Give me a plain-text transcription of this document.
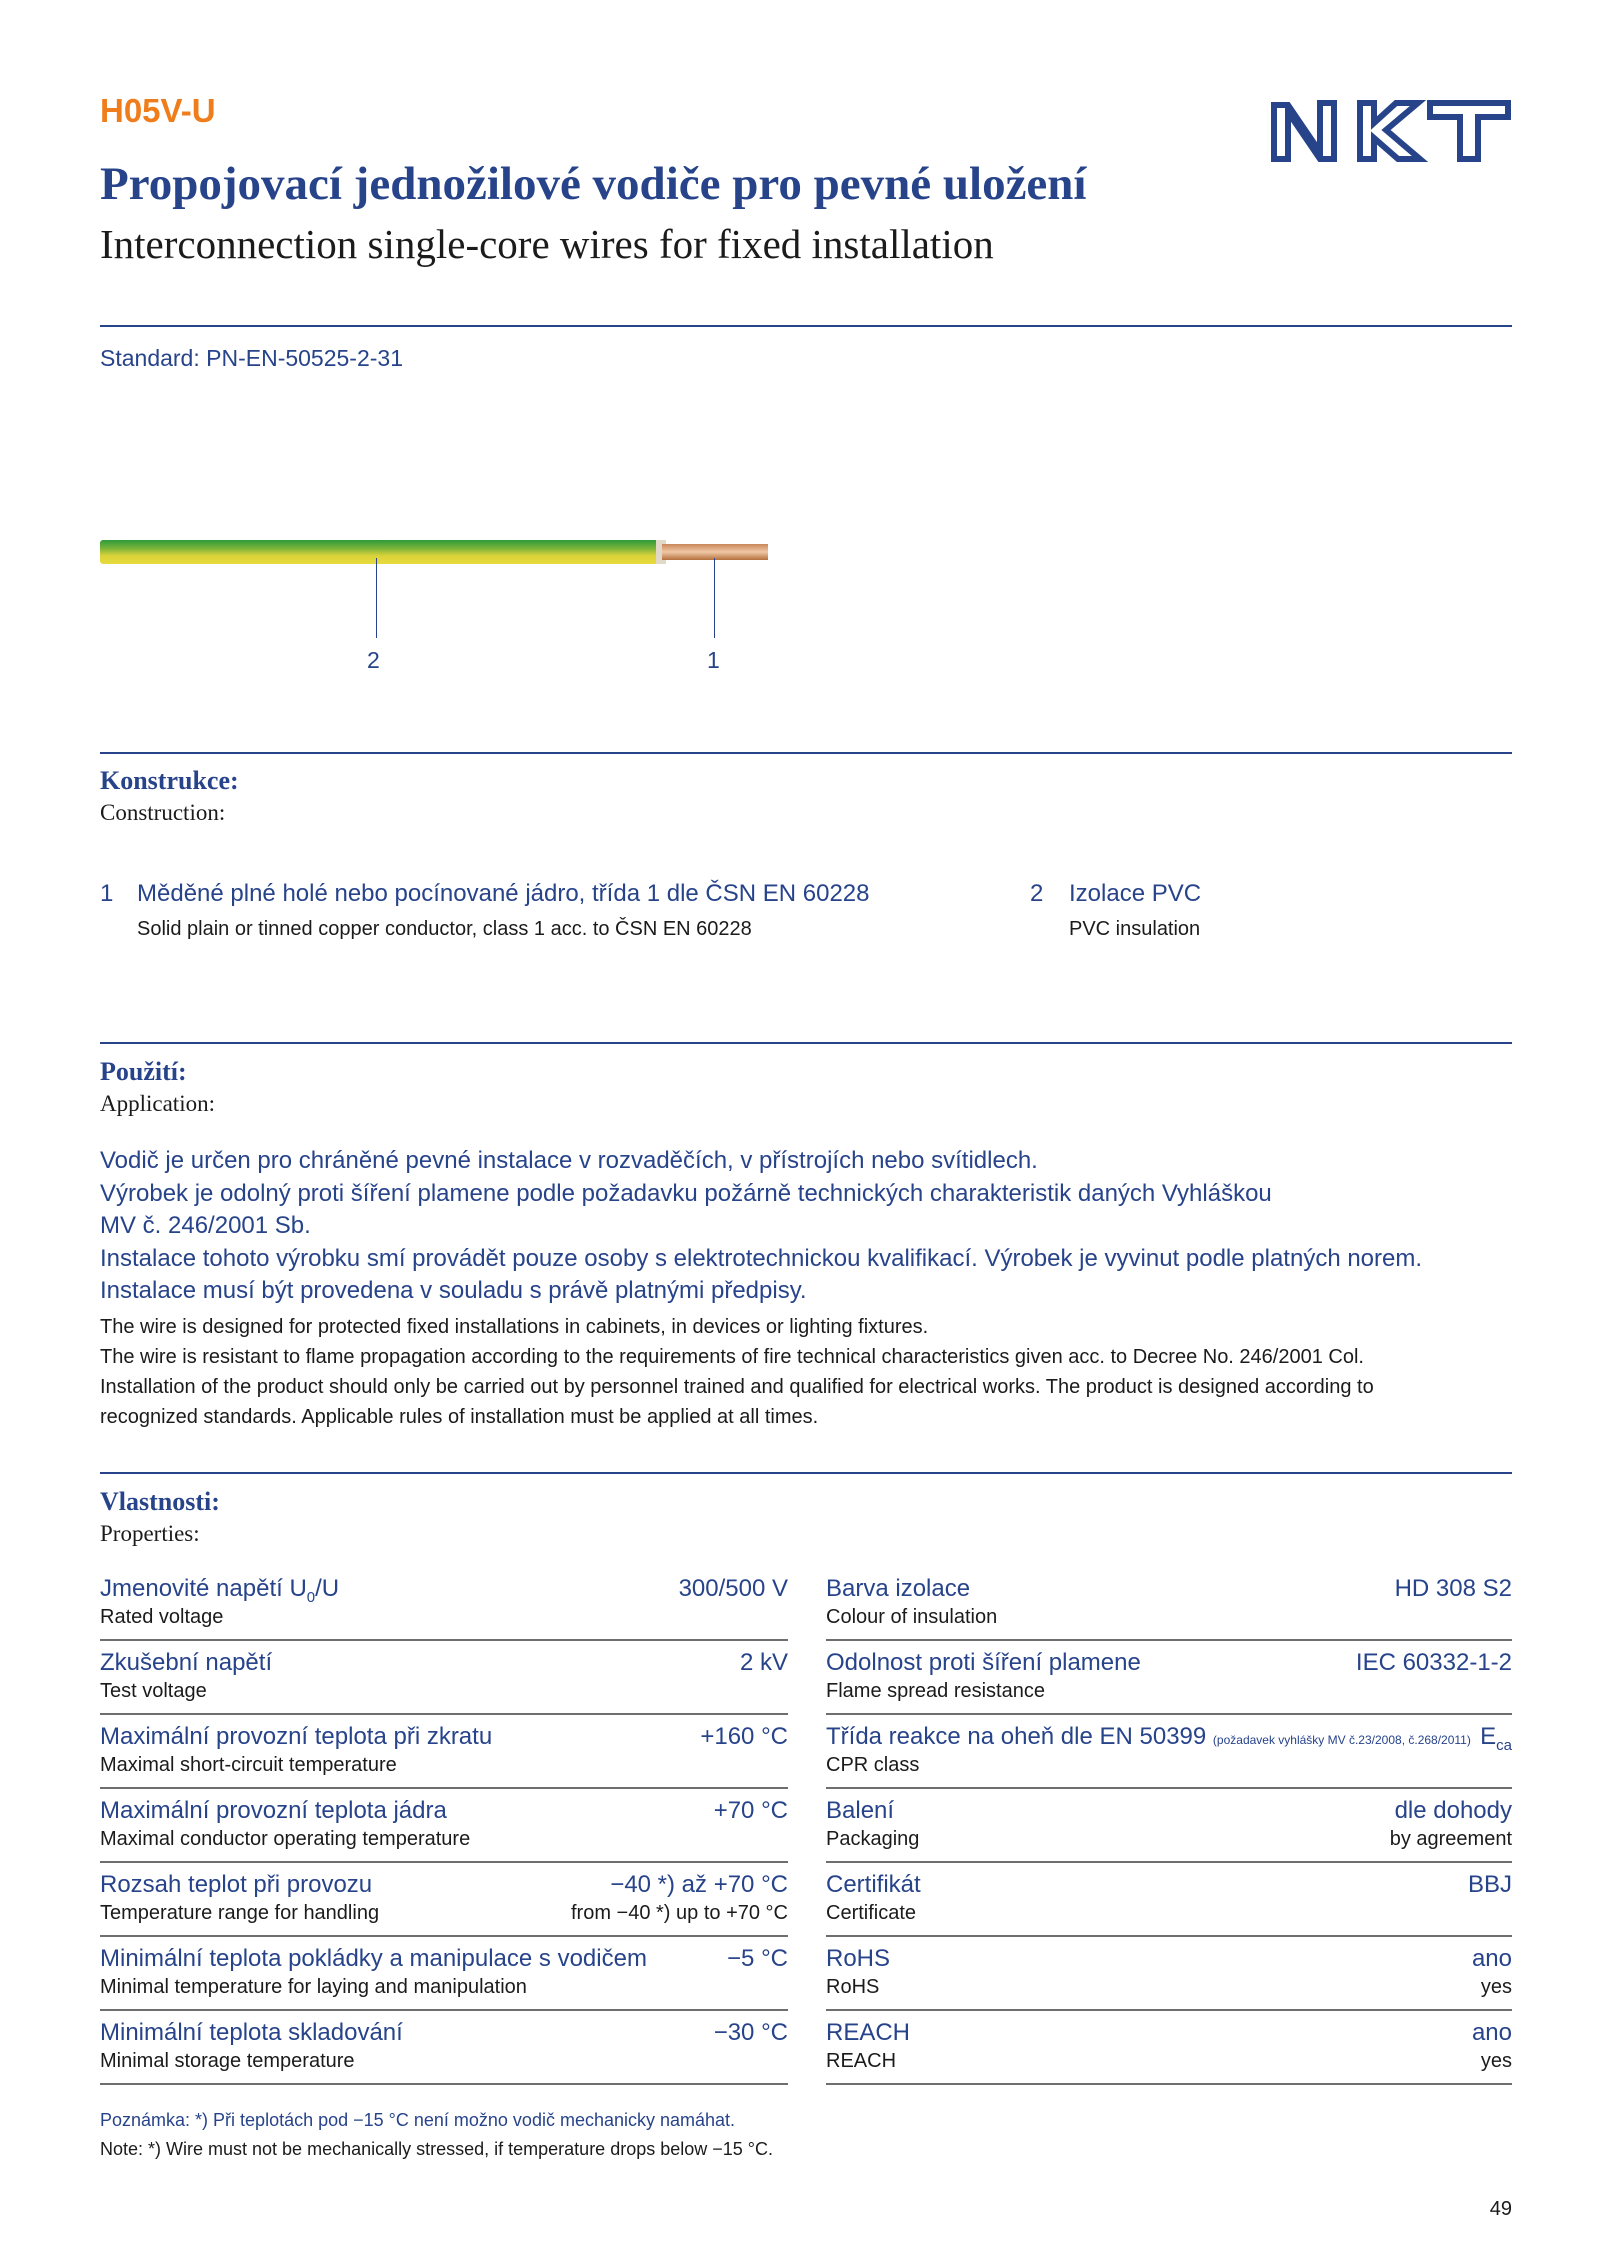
H05V-U
Propojovací jednožilové vodiče pro pevné uložení
Interconnection single-core wires for fixed installation
Standard: PN-EN-50525-2-31
2	1
Konstrukce:
Construction:
1 Měděné plné holé nebo pocínované jádro, třída 1 dle ČSN EN 60228
Solid plain or tinned copper conductor, class 1 acc. to ČSN EN 60228
2 Izolace PVC
PVC insulation
Použití:
Application:
Vodič je určen pro chráněné pevné instalace v rozvaděčích, v přístrojích nebo svítidlech.
Výrobek je odolný proti šíření plamene podle požadavku požárně technických charakteristik daných Vyhláškou
MV č. 246/2001 Sb.
Instalace tohoto výrobku smí provádět pouze osoby s elektrotechnickou kvalifikací. Výrobek je vyvinut podle platných norem.
Instalace musí být provedena v souladu s právě platnými předpisy.
The wire is designed for protected fixed installations in cabinets, in devices or lighting fixtures.
The wire is resistant to flame propagation according to the requirements of fire technical characteristics given acc. to Decree No. 246/2001 Col.
Installation of the product should only be carried out by personnel trained and qualified for electrical works. The product is designed according to
recognized standards. Applicable rules of installation must be applied at all times.
Vlastnosti:
Properties:
Jmenovité napětí $U_0/U$
Rated voltage
300/500 V
Zkušební napětí
Test voltage
2 kV
Maximální provozní teplota při zkratu
Maximal short-circuit temperature
+160 °C
Maximální provozní teplota jádra
Maximal conductor operating temperature
+70 °C
Rozsah teplot při provozu
Temperature range for handling
−40 *) až +70 °C
from −40 *) up to +70 °C
Minimální teplota pokládky a manipulace s vodičem
Minimal temperature for laying and manipulation
−5 °C
Minimální teplota skladování
Minimal storage temperature
−30 °C
Barva izolace
Colour of insulation
HD 308 S2
Odolnost proti šíření plamene
Flame spread resistance
IEC 60332-1-2
Třída reakce na oheň dle EN 50399 (požadavek vyhlášky MV č.23/2008, č.268/2011)
CPR class
$E_{ca}$
Balení
Packaging
dle dohody
by agreement
Certifikát
Certificate
BBJ
RoHS
RoHS
ano
yes
REACH
REACH
ano
yes
Poznámka: *) Při teplotách pod −15 °C není možno vodič mechanicky namáhat.
Note: *) Wire must not be mechanically stressed, if temperature drops below −15 °C.
49
